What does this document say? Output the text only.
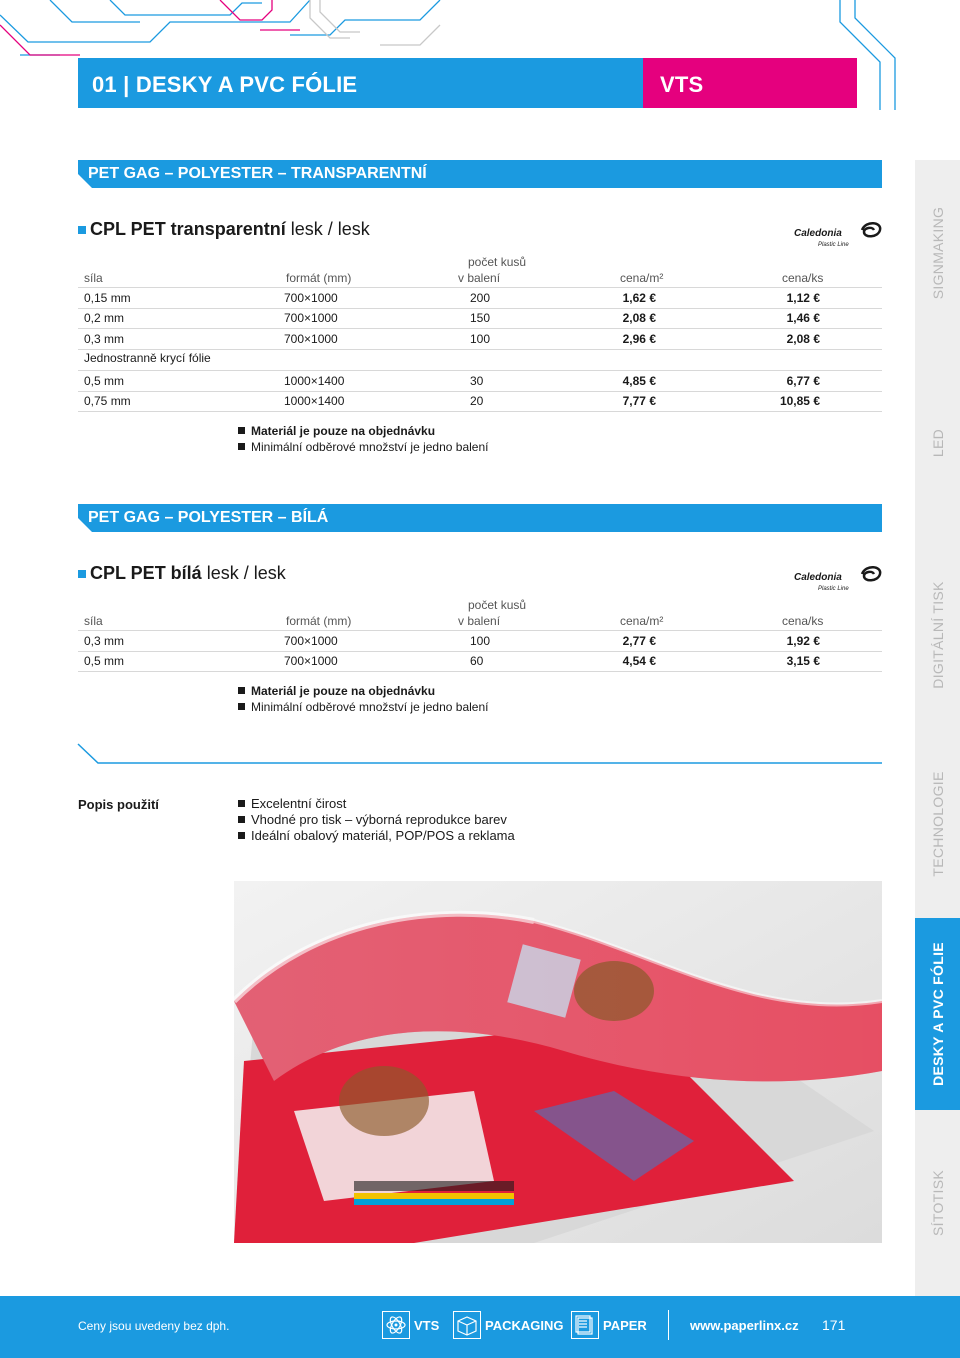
01 | DESKY A PVC FÓLIE	VTS
PET GAG – POLYESTER – TRANSPARENTNÍ
CPL PET transparentní lesk / lesk	Caledonia
Plastic Line
počet kusů
síla	formát (mm)	v balení	cena/m²	cena/ks
0,15 mm	700×1000	200	1,62 €	1,12 €
0,2 mm	700×1000	150	2,08 €	1,46 €
0,3 mm	700×1000	100	2,96 €	2,08 €
Jednostranně krycí fólie
0,5 mm	1000×1400	30	4,85 €	6,77 €
0,75 mm	1000×1400	20	7,77 €	10,85 €
Materiál je pouze na objednávku
Minimální odběrové množství je jedno balení
PET GAG – POLYESTER – BÍLÁ
CPL PET bílá lesk / lesk	Caledonia
Plastic Line
počet kusů
síla	formát (mm)	v balení	cena/m²	cena/ks
0,3 mm	700×1000	100	2,77 €	1,92 €
0,5 mm	700×1000	60	4,54 €	3,15 €
Materiál je pouze na objednávku
Minimální odběrové množství je jedno balení
Popis použití	Excelentní čirost
Vhodné pro tisk – výborná reprodukce barev
Ideální obalový materiál, POP/POS a reklama
SIGNMAKING
LED
DIGITÁLNÍ TISK
TECHNOLOGIE
DESKY A PVC FÓLIE
SÍTOTISK
Ceny jsou uvedeny bez dph.	VTS	PACKAGING	PAPER	www.paperlinx.cz 171
